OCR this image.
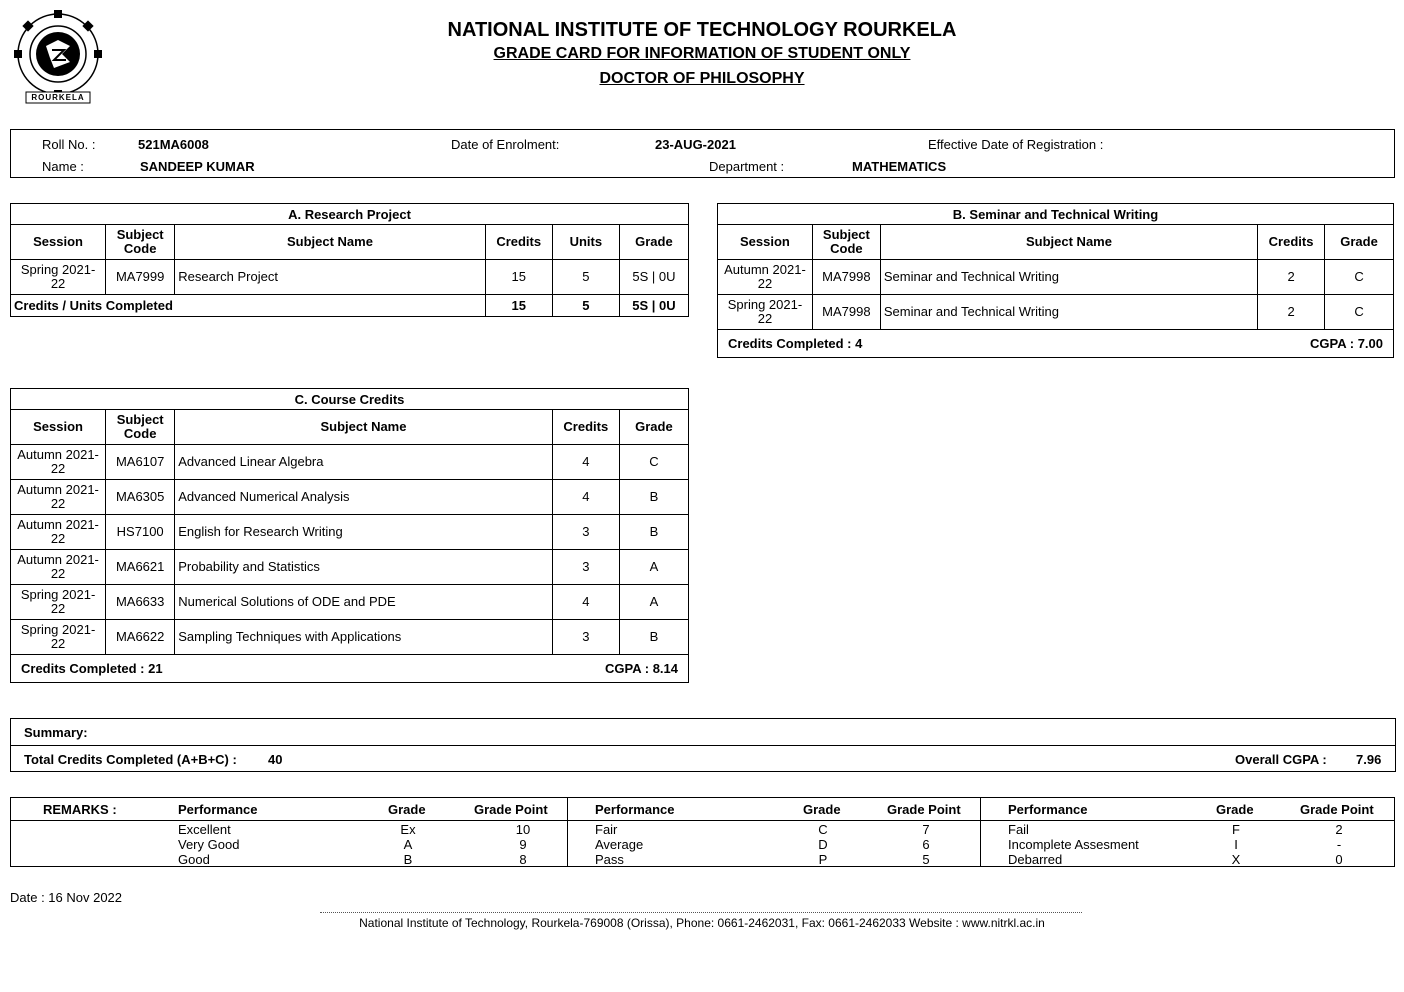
ROURKELA
NATIONAL INSTITUTE OF TECHNOLOGY ROURKELA
GRADE CARD FOR INFORMATION OF STUDENT ONLY
DOCTOR OF PHILOSOPHY
Roll No. :	521MA6008	Date of Enrolment:	23-AUG-2021	Effective Date of Registration :
Name :	SANDEEP KUMAR	Department :	MATHEMATICS
A. Research Project					
Session	Subject Code	Subject Name	Credits	Units	Grade
Spring 2021-22	MA7999	Research Project	15	5	5S | 0U
Credits / Units Completed			15	5	5S | 0U
B. Seminar and Technical Writing				
Session	Subject Code	Subject Name	Credits	Grade
Autumn 2021-22	MA7998	Seminar and Technical Writing	2	C
Spring 2021-22	MA7998	Seminar and Technical Writing	2	C

Credits Completed : 4 CGPA : 7.00				
C. Course Credits				
Session	Subject Code	Subject Name	Credits	Grade
Autumn 2021-22	MA6107	Advanced Linear Algebra	4	C
Autumn 2021-22	MA6305	Advanced Numerical Analysis	4	B
Autumn 2021-22	HS7100	English for Research Writing	3	B
Autumn 2021-22	MA6621	Probability and Statistics	3	A
Spring 2021-22	MA6633	Numerical Solutions of ODE and PDE	4	A
Spring 2021-22	MA6622	Sampling Techniques with Applications	3	B

Credits Completed : 21 CGPA : 8.14				
Summary:
Total Credits Completed (A+B+C) : 40	Overall CGPA : 7.96
REMARKS :	Performance	Grade	Grade Point
Excellent	Ex	10
Very Good	A	9
Good	B	8
Performance	Grade	Grade Point
Fair	C	7
Average	D	6
Pass	P	5
Performance	Grade	Grade Point
Fail	F	2
Incomplete Assesment	I	-
Debarred	X	0
Date : 16 Nov 2022
National Institute of Technology, Rourkela-769008 (Orissa), Phone: 0661-2462031, Fax: 0661-2462033 Website : www.nitrkl.ac.in
